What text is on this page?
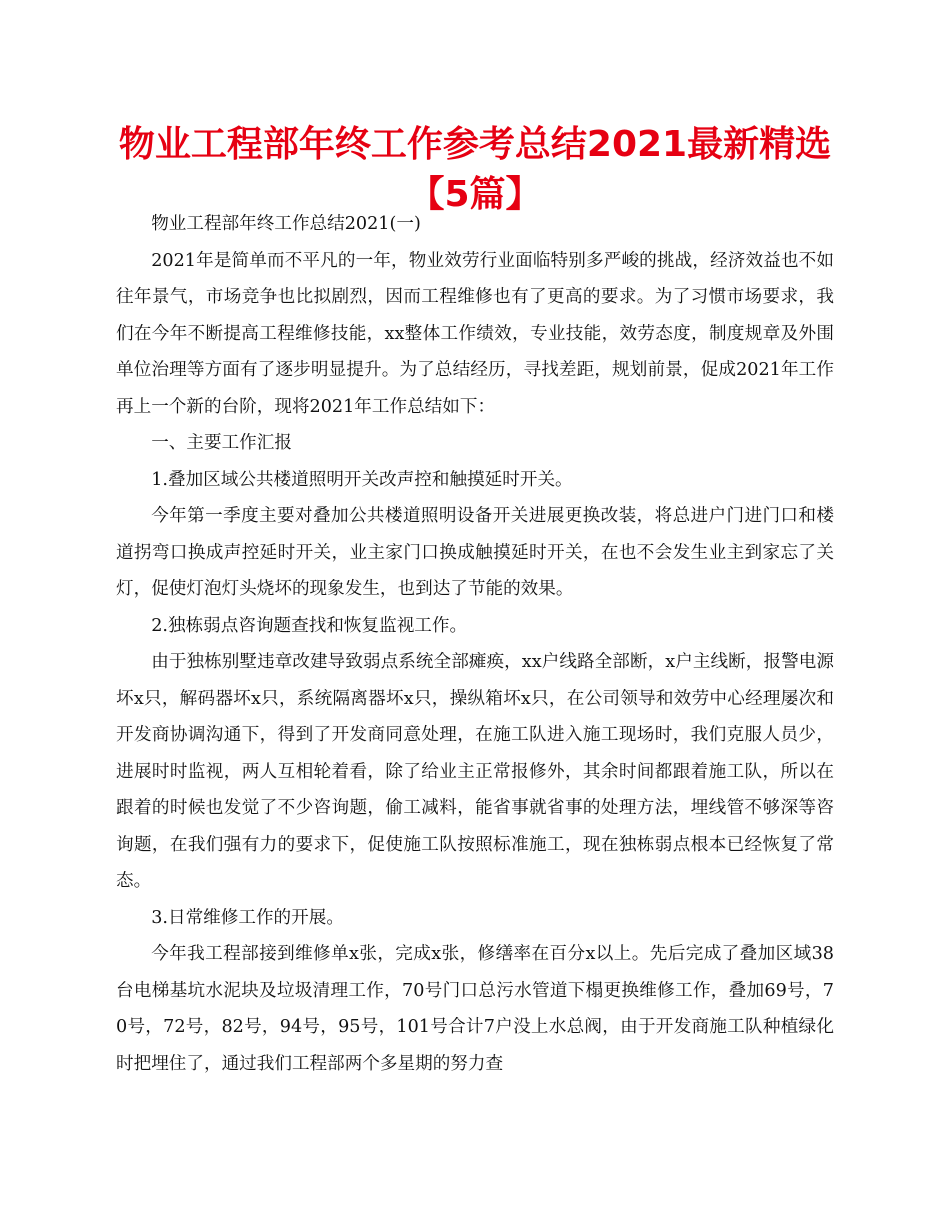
物业工程部年终工作参考总结2021最新精选【5篇】

物业工程部年终工作总结2021(一)

2021年是简单而不平凡的一年，物业效劳行业面临特别多严峻的挑战，经济效益也不如往年景气，市场竞争也比拟剧烈，因而工程维修也有了更高的要求。为了习惯市场要求，我们在今年不断提高工程维修技能，xx整体工作绩效，专业技能，效劳态度，制度规章及外围单位治理等方面有了逐步明显提升。为了总结经历，寻找差距，规划前景，促成2021年工作再上一个新的台阶，现将2021年工作总结如下：

一、主要工作汇报

1.叠加区域公共楼道照明开关改声控和触摸延时开关。

今年第一季度主要对叠加公共楼道照明设备开关进展更换改装，将总进户门进门口和楼道拐弯口换成声控延时开关，业主家门口换成触摸延时开关，在也不会发生业主到家忘了关灯，促使灯泡灯头烧坏的现象发生，也到达了节能的效果。

2.独栋弱点咨询题查找和恢复监视工作。

由于独栋别墅违章改建导致弱点系统全部瘫痪，xx户线路全部断，x户主线断，报警电源坏x只，解码器坏x只，系统隔离器坏x只，操纵箱坏x只，在公司领导和效劳中心经理屡次和开发商协调沟通下，得到了开发商同意处理，在施工队进入施工现场时，我们克服人员少，进展时时监视，两人互相轮着看，除了给业主正常报修外，其余时间都跟着施工队，所以在跟着的时候也发觉了不少咨询题，偷工减料，能省事就省事的处理方法，埋线管不够深等咨询题，在我们强有力的要求下，促使施工队按照标准施工，现在独栋弱点根本已经恢复了常态。

3.日常维修工作的开展。

今年我工程部接到维修单x张，完成x张，修缮率在百分x以上。先后完成了叠加区域38台电梯基坑水泥块及垃圾清理工作，70号门口总污水管道下榻更换维修工作，叠加69号，70号，72号，82号，94号，95号，101号合计7户没上水总阀，由于开发商施工队种植绿化时把埋住了，通过我们工程部两个多星期的努力查
